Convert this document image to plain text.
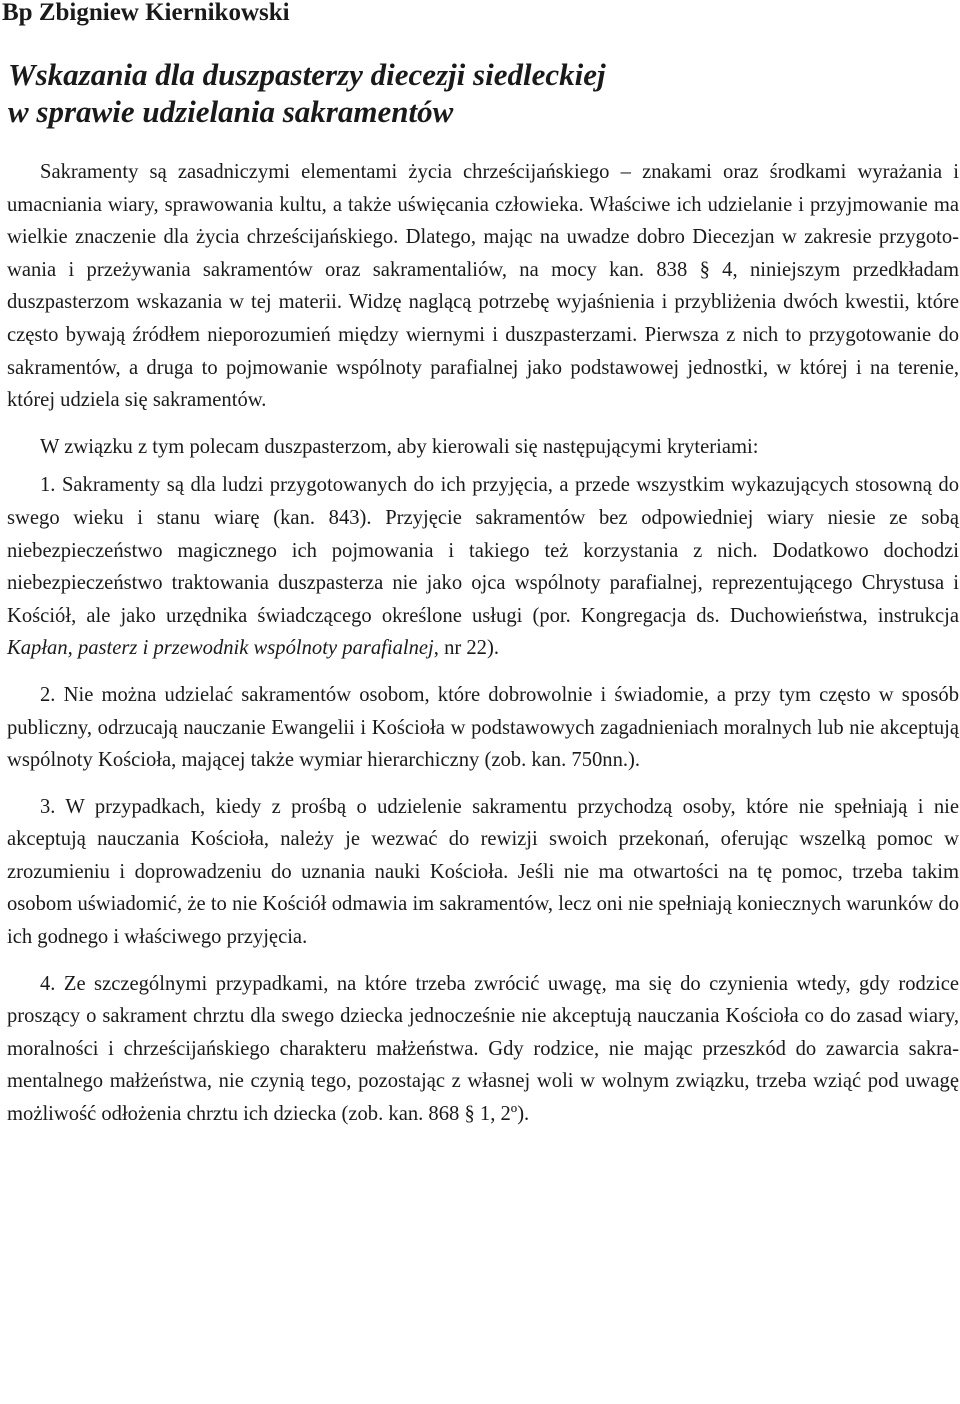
Bp Zbigniew Kiernikowski
Wskazania dla duszpasterzy diecezji siedleckiej
w sprawie udzielania sakramentów

Sakramenty są zasadniczymi elementami życia chrześcijańskiego – znakami oraz środkami wyrażania i umacniania wiary, sprawowania kultu, a także uświęcania człowieka. Właściwe ich udzielanie i przyjmowanie ma wielkie znaczenie dla życia chrześcijańskiego. Dlatego, mając na uwadze dobro Diecezjan w zakresie przygotowania i przeżywania sakramentów oraz sakramentaliów, na mocy kan. 838 § 4, niniejszym przedkładam duszpasterzom wskazania w tej materii. Widzę naglącą potrzebę wyjaśnienia i przybliżenia dwóch kwestii, które często bywają źródłem nieporozumień między wiernymi i duszpasterzami. Pierwsza z nich to przygotowanie do sakramentów, a druga to pojmowanie wspólnoty parafialnej jako podstawowej jednostki, w której i na terenie, której udziela się sakramentów.

W związku z tym polecam duszpasterzom, aby kierowali się następującymi kryteriami:

1. Sakramenty są dla ludzi przygotowanych do ich przyjęcia, a przede wszystkim wykazujących stosowną do swego wieku i stanu wiarę (kan. 843). Przyjęcie sakramentów bez odpowiedniej wiary niesie ze sobą niebezpieczeństwo magicznego ich pojmowania i takiego też korzystania z nich. Dodatkowo dochodzi niebezpieczeństwo traktowania duszpasterza nie jako ojca wspólnoty parafialnej, reprezentującego Chrystusa i Kościół, ale jako urzędnika świadczącego określone usługi (por. Kongregacja ds. Duchowieństwa, instrukcja Kapłan, pasterz i przewodnik wspólnoty parafialnej, nr 22).

2. Nie można udzielać sakramentów osobom, które dobrowolnie i świadomie, a przy tym często w sposób publiczny, odrzucają nauczanie Ewangelii i Kościoła w podstawowych zagadnieniach moralnych lub nie akceptują wspólnoty Kościoła, mającej także wymiar hierarchiczny (zob. kan. 750nn.).

3. W przypadkach, kiedy z prośbą o udzielenie sakramentu przychodzą osoby, które nie spełniają i nie akceptują nauczania Kościoła, należy je wezwać do rewizji swoich przekonań, oferując wszelką pomoc w zrozumieniu i doprowadzeniu do uznania nauki Kościoła. Jeśli nie ma otwartości na tę pomoc, trzeba takim osobom uświadomić, że to nie Kościół odmawia im sakramentów, lecz oni nie spełniają koniecznych warunków do ich godnego i właściwego przyjęcia.

4. Ze szczególnymi przypadkami, na które trzeba zwrócić uwagę, ma się do czynienia wtedy, gdy rodzice proszący o sakrament chrztu dla swego dziecka jednocześnie nie akceptują nauczania Kościoła co do zasad wiary, moralności i chrześcijańskiego charakteru małżeństwa. Gdy rodzice, nie mając przeszkód do zawarcia sakramentalnego małżeństwa, nie czynią tego, pozostając z własnej woli w wolnym związku, trzeba wziąć pod uwagę możliwość odłożenia chrztu ich dziecka (zob. kan. 868 § 1, 2º).
